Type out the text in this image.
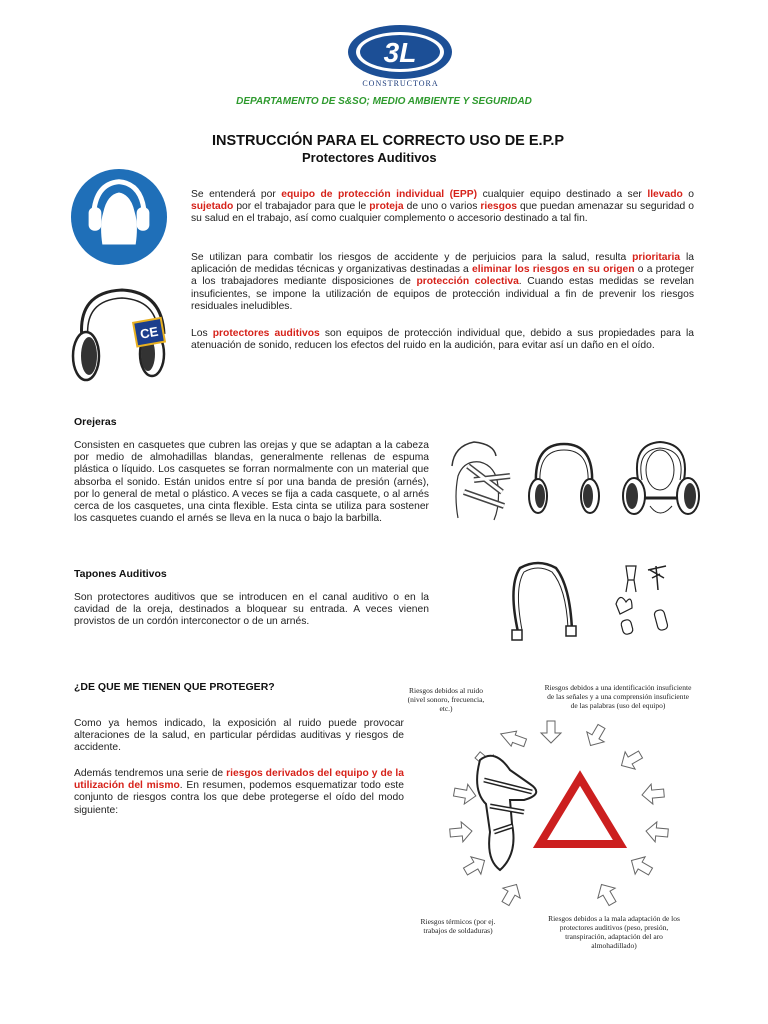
3L
CONSTRUCTORA
DEPARTAMENTO DE S&SO; MEDIO AMBIENTE Y SEGURIDAD
INSTRUCCIÓN PARA EL CORRECTO USO DE E.P.P
Protectores Auditivos
CE
Se entenderá por equipo de protección individual (EPP) cualquier equipo destinado a ser llevado o sujetado por el trabajador para que le proteja de uno o varios riesgos que puedan amenazar su seguridad o su salud en el trabajo, así como cualquier complemento o accesorio destinado a tal fin.
Se utilizan para combatir los riesgos de accidente y de perjuicios para la salud, resulta prioritaria la aplicación de medidas técnicas y organizativas destinadas a eliminar los riesgos en su origen o a proteger a los trabajadores mediante disposiciones de protección colectiva. Cuando estas medidas se revelan insuficientes, se impone la utilización de equipos de protección individual a fin de prevenir los riesgos residuales ineludibles.
Los protectores auditivos son equipos de protección individual que, debido a sus propiedades para la atenuación de sonido, reducen los efectos del ruido en la audición, para evitar así un daño en el oído.
Orejeras
Consisten en casquetes que cubren las orejas y que se adaptan a la cabeza por medio de almohadillas blandas, generalmente rellenas de espuma plástica o líquido. Los casquetes se forran normalmente con un material que absorba el sonido. Están unidos entre sí por una banda de presión (arnés), por lo general de metal o plástico. A veces se fija a cada casquete, o al arnés cerca de los casquetes, una cinta flexible. Esta cinta se utiliza para sostener los casquetes cuando el arnés se lleva en la nuca o bajo la barbilla.
Tapones Auditivos
Son protectores auditivos que se introducen en el canal auditivo o en la cavidad de la oreja, destinados a bloquear su entrada. A veces vienen provistos de un cordón interconector o de un arnés.
¿DE QUE ME TIENEN QUE PROTEGER?
Como ya hemos indicado, la exposición al ruido puede provocar alteraciones de la salud, en particular pérdidas auditivas y riesgos de accidente.
Además tendremos una serie de riesgos derivados del equipo y de la utilización del mismo. En resumen, podemos esquematizar todo este conjunto de riesgos contra los que debe protegerse el oído del modo siguiente:
Riesgos debidos al ruido (nivel sonoro, frecuencia, etc.)
Riesgos debidos a una identificación insuficiente de las señales y a una comprensión insuficiente de las palabras (uso del equipo)
Riesgos térmicos (por ej. trabajos de soldaduras)
Riesgos debidos a la mala adaptación de los protectores auditivos (peso, presión, transpiración, adaptación del aro almohadillado)
